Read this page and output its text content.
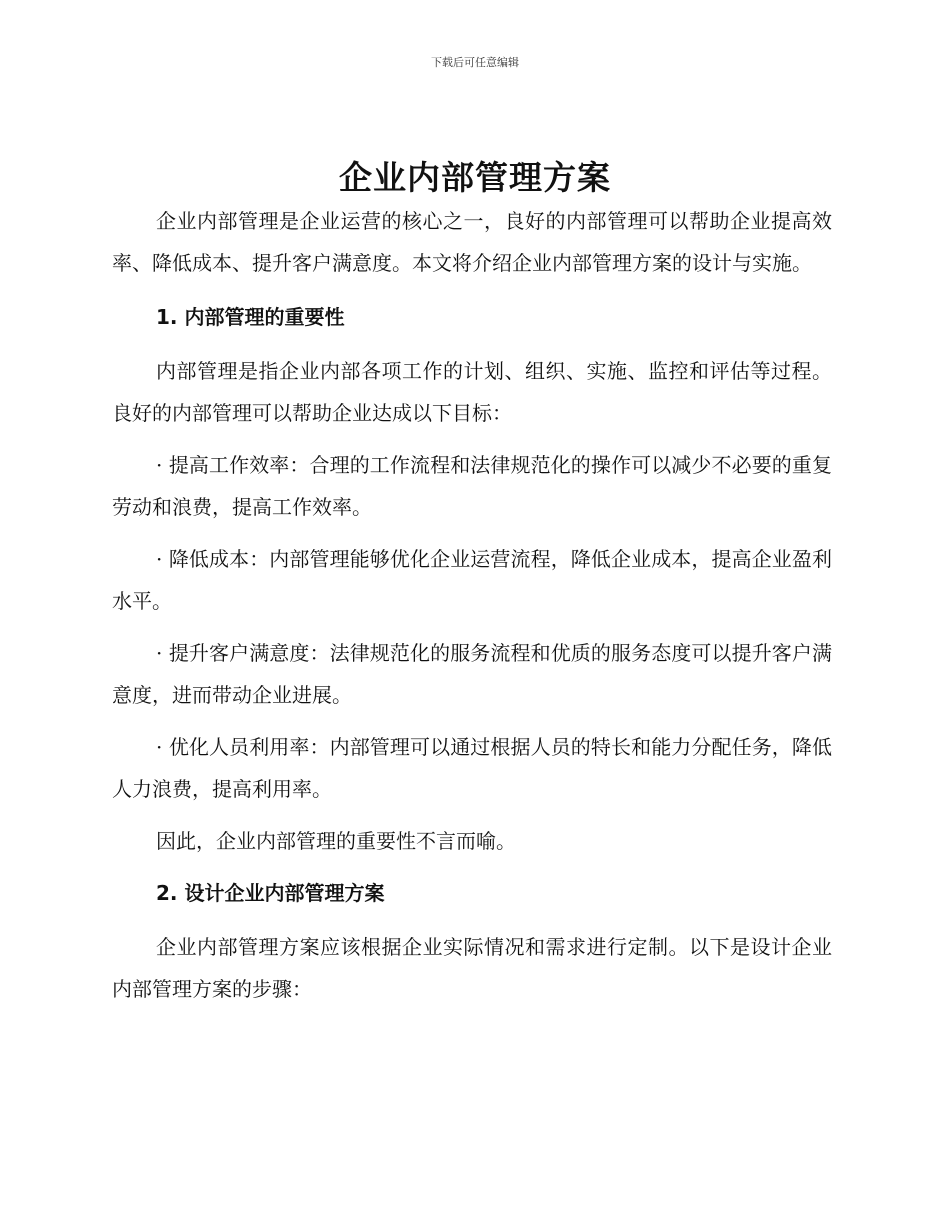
下载后可任意编辑
企业内部管理方案

企业内部管理是企业运营的核心之一，良好的内部管理可以帮助企业提高效率、降低成本、提升客户满意度。本文将介绍企业内部管理方案的设计与实施。

1. 内部管理的重要性

内部管理是指企业内部各项工作的计划、组织、实施、监控和评估等过程。良好的内部管理可以帮助企业达成以下目标：

· 提高工作效率：合理的工作流程和法律规范化的操作可以减少不必要的重复劳动和浪费，提高工作效率。

· 降低成本：内部管理能够优化企业运营流程，降低企业成本，提高企业盈利水平。

· 提升客户满意度：法律规范化的服务流程和优质的服务态度可以提升客户满意度，进而带动企业进展。

· 优化人员利用率：内部管理可以通过根据人员的特长和能力分配任务，降低人力浪费，提高利用率。

因此，企业内部管理的重要性不言而喻。

2. 设计企业内部管理方案

企业内部管理方案应该根据企业实际情况和需求进行定制。以下是设计企业内部管理方案的步骤：
